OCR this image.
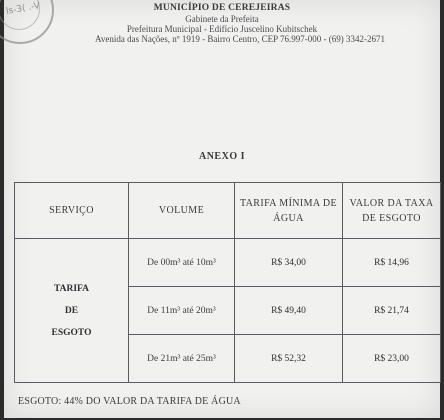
ls-3( .-V	MUNICÍPIO DE CEREJEIRAS
Gabinete da Prefeita
Prefeitura Municipal - Edifício Juscelino Kubitschek
Avenida das Nações, nº 1919 - Bairro Centro, CEP 76.997-000 - (69) 3342-2671
ANEXO I
SERVIÇO	VOLUME	TARIFA MÍNIMA DE ÁGUA	VALOR DA TAXA DE ESGOTO

TARIFA
DE
ESGOTO	De 00m³ até 10m³	R$ 34,00	R$ 14,96
	De 11m³ até 20m³	R$ 49,40	R$ 21,74
	De 21m³ até 25m³	R$ 52,32	R$ 23,00
ESGOTO: 44% DO VALOR DA TARIFA DE ÁGUA
